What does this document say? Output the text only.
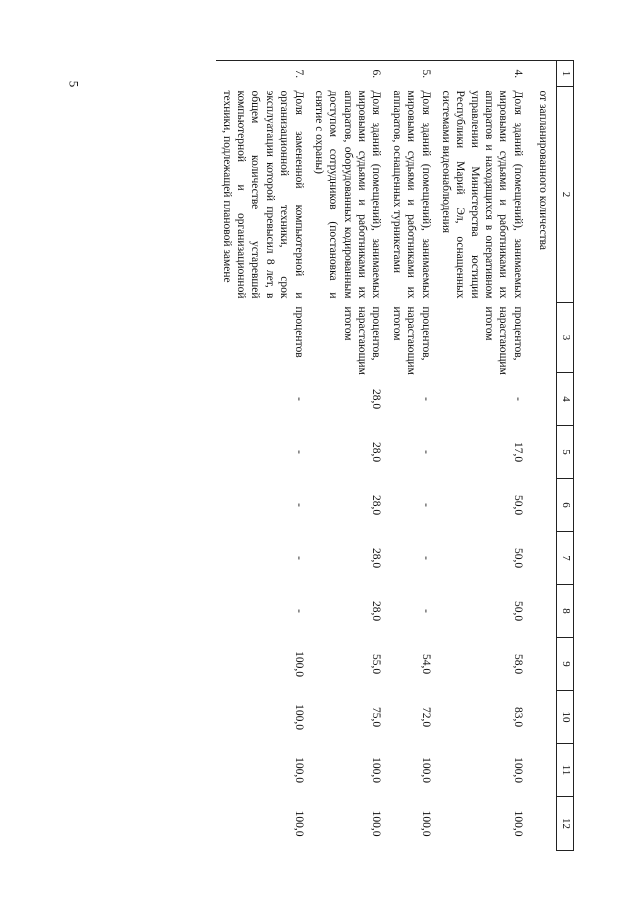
5
1	2	3	4	5	6	7	8	9	10	11	12
	от запланированного количества										
4.	Доля зданий (помещений), занимаемых мировыми судьями и работниками их аппаратов и находящихся в оперативном управлении Министерства юстиции Республики Марий Эл, оснащенных системами видеонаблюдения	процентов, нарастающим итогом	-	17,0	50,0	50,0	50,0	58,0	83,0	100,0	100,0
5.	Доля зданий (помещений), занимаемых мировыми судьями и работниками их аппаратов, оснащенных турникетами	процентов, нарастающим итогом	-	-	-	-	-	54,0	72,0	100,0	100,0
6.	Доля зданий (помещений), занимаемых мировыми судьями и работниками их аппаратов, оборудованных кодированным доступом сотрудников (постановка и снятие с охраны)	процентов, нарастающим итогом	28,0	28,0	28,0	28,0	28,0	55,0	75,0	100,0	100,0
7.	Доля замененной компьютерной и организационной техники, срок эксплуатации которой превысил 8 лет, в общем количестве устаревшей компьютерной и организационной техники, подлежащей плановой замене	процентов	-	-	-	-	-	100,0	100,0	100,0	100,0
